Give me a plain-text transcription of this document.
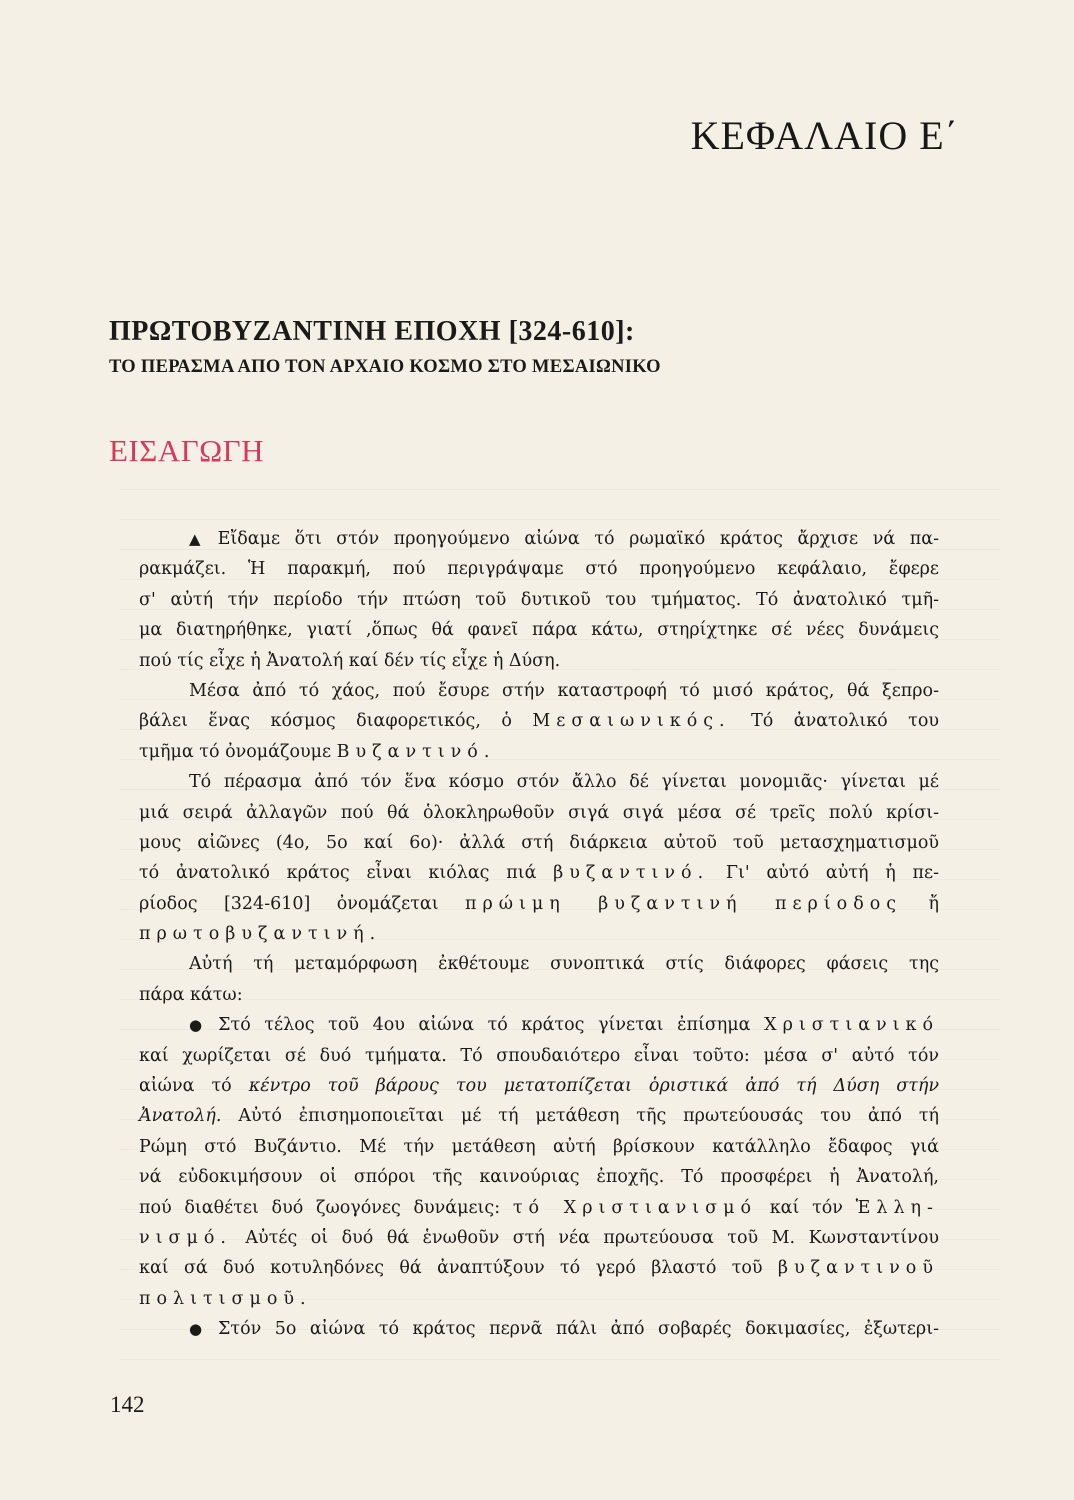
ΚΕΦΑΛΑΙΟ Ε΄
ΠΡΩΤΟΒΥΖΑΝΤΙΝΗ ΕΠΟΧΗ [324-610]:
ΤΟ ΠΕΡΑΣΜΑ ΑΠΟ ΤΟΝ ΑΡΧΑΙΟ ΚΟΣΜΟ ΣΤΟ ΜΕΣΑΙΩΝΙΚΟ
ΕΙΣΑΓΩΓΗ
▲ Εἴδαμε ὅτι στόν προηγούμενο αἰώνα τό ρωμαϊκό κράτος ἄρχισε νά πα-
ρακμάζει. Ἡ παρακμή, πού περιγράψαμε στό προηγούμενο κεφάλαιο, ἔφερε
σ' αὐτή τήν περίοδο τήν πτώση τοῦ δυτικοῦ του τμήματος. Τό ἀνατολικό τμῆ-
μα διατηρήθηκε, γιατί ,ὅπως θά φανεῖ πάρα κάτω, στηρίχτηκε σέ νέες δυνάμεις
πού τίς εἶχε ἡ Ἀνατολή καί δέν τίς εἶχε ἡ Δύση.
Μέσα ἀπό τό χάος, πού ἔσυρε στήν καταστροφή τό μισό κράτος, θά ξεπρο-
βάλει ἕνας κόσμος διαφορετικός, ὁ Μεσαιωνικός. Τό ἀνατολικό του
τμῆμα τό ὀνομάζουμε Βυζαντινό.
Τό πέρασμα ἀπό τόν ἕνα κόσμο στόν ἄλλο δέ γίνεται μονομιᾶς· γίνεται μέ
μιά σειρά ἀλλαγῶν πού θά ὁλοκληρωθοῦν σιγά σιγά μέσα σέ τρεῖς πολύ κρίσι-
μους αἰῶνες (4ο, 5ο καί 6ο)· ἀλλά στή διάρκεια αὐτοῦ τοῦ μετασχηματισμοῦ
τό ἀνατολικό κράτος εἶναι κιόλας πιά βυζαντινό. Γι' αὐτό αὐτή ἡ πε-
ρίοδος [324-610] ὀνομάζεται πρώιμη βυζαντινή περίοδος ἤ
πρωτοβυζαντινή.
Αὐτή τή μεταμόρφωση ἐκθέτουμε συνοπτικά στίς διάφορες φάσεις της
πάρα κάτω:
● Στό τέλος τοῦ 4ου αἰώνα τό κράτος γίνεται ἐπίσημα Χριστιανικό
καί χωρίζεται σέ δυό τμήματα. Τό σπουδαιότερο εἶναι τοῦτο: μέσα σ' αὐτό τόν
αἰώνα τό κέντρο τοῦ βάρους του μετατοπίζεται ὁριστικά ἀπό τή Δύση στήν
Ἀνατολή. Αὐτό ἐπισημοποιεῖται μέ τή μετάθεση τῆς πρωτεύουσάς του ἀπό τή
Ρώμη στό Βυζάντιο. Μέ τήν μετάθεση αὐτή βρίσκουν κατάλληλο ἔδαφος γιά
νά εὐδοκιμήσουν οἱ σπόροι τῆς καινούριας ἐποχῆς. Τό προσφέρει ἡ Ἀνατολή,
πού διαθέτει δυό ζωογόνες δυνάμεις: τό Χριστιανισμό καί τόν Ἑλλη-
νισμό. Αὐτές οἱ δυό θά ἑνωθοῦν στή νέα πρωτεύουσα τοῦ Μ. Κωνσταντίνου
καί σά δυό κοτυληδόνες θά ἀναπτύξουν τό γερό βλαστό τοῦ βυζαντινοῦ
πολιτισμοῦ.
● Στόν 5ο αἰώνα τό κράτος περνᾶ πάλι ἀπό σοβαρές δοκιμασίες, ἐξωτερι-
142
